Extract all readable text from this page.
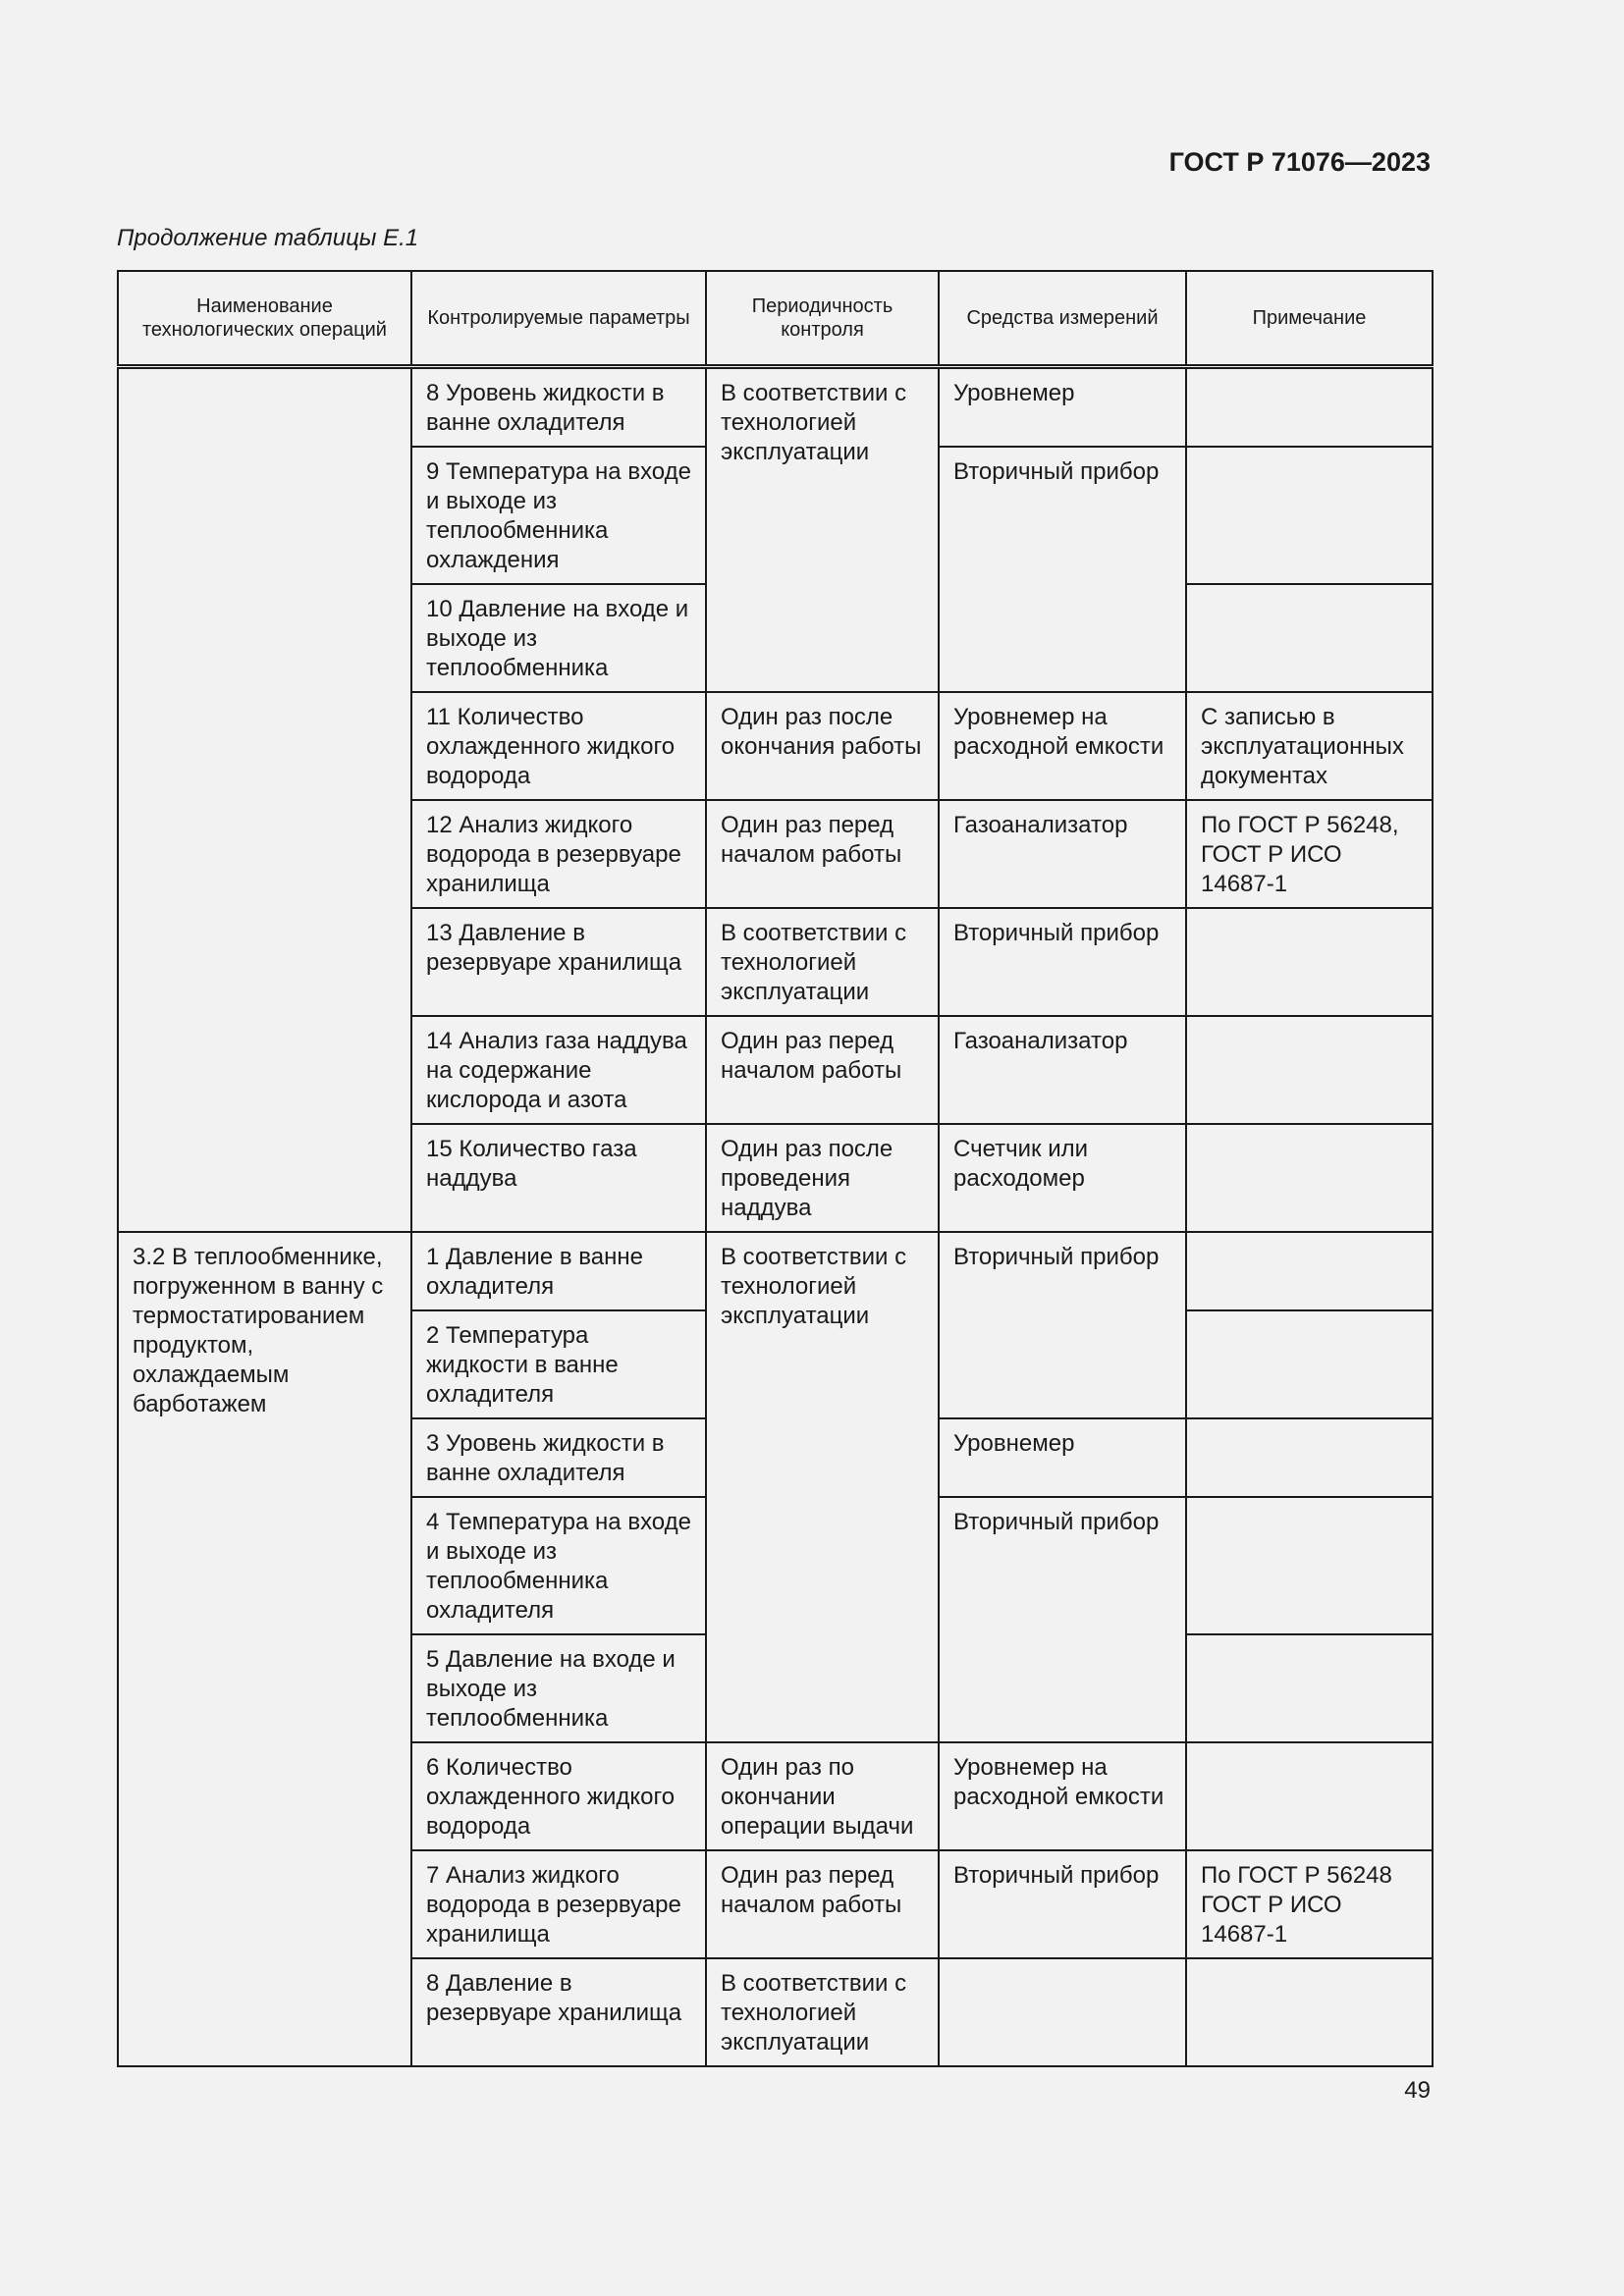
ГОСТ Р 71076—2023
Продолжение таблицы Е.1
Наименование технологических операций	Контролируемые параметры	Периодичность контроля	Средства измерений	Примечание
	8 Уровень жидкости в ванне охладителя	В соответствии с технологией эксплуатации	Уровнемер	
	9 Температура на входе и выходе из теплообменника охлаждения		Вторичный прибор	
	10 Давление на входе и выходе из теплообменника			
	11 Количество охлажденного жидкого водорода	Один раз после окончания работы	Уровнемер на расходной емкости	С записью в эксплуатационных документах
	12 Анализ жидкого водорода в резервуаре хранилища	Один раз перед началом работы	Газоанализатор	По ГОСТ Р 56248, ГОСТ Р ИСО 14687-1
	13 Давление в резервуаре хранилища	В соответствии с технологией эксплуатации	Вторичный прибор	
	14 Анализ газа наддува на содержание кислорода и азота	Один раз перед началом работы	Газоанализатор	
	15 Количество газа наддува	Один раз после проведения наддува	Счетчик или расходомер	
3.2 В теплообменнике, погруженном в ванну с термостатированием продуктом, охлаждаемым барботажем	1 Давление в ванне охладителя	В соответствии с технологией эксплуатации	Вторичный прибор	
	2 Температура жидкости в ванне охладителя			
	3 Уровень жидкости в ванне охладителя		Уровнемер	
	4 Температура на входе и выходе из теплообменника охладителя		Вторичный прибор	
	5 Давление на входе и выходе из теплообменника			
	6 Количество охлажденного жидкого водорода	Один раз по окончании операции выдачи	Уровнемер на расходной емкости	
	7 Анализ жидкого водорода в резервуаре хранилища	Один раз перед началом работы	Вторичный прибор	По ГОСТ Р 56248 ГОСТ Р ИСО 14687-1
	8 Давление в резервуаре хранилища	В соответствии с технологией эксплуатации		
49
